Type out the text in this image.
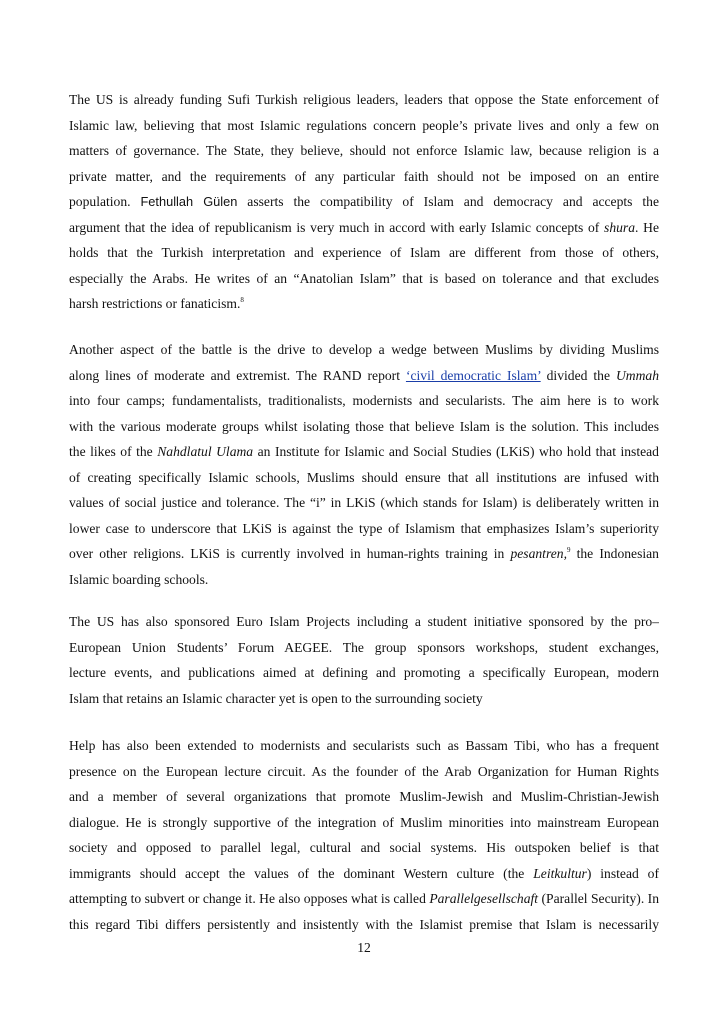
The US is already funding Sufi Turkish religious leaders, leaders that oppose the State enforcement of
Islamic law, believing that most Islamic regulations concern people’s private lives and only a few on
matters of governance. The State, they believe, should not enforce Islamic law, because religion is a
private matter, and the requirements of any particular faith should not be imposed on an entire
population. Fethullah Gülen asserts the compatibility of Islam and democracy and accepts the
argument that the idea of republicanism is very much in accord with early Islamic concepts of shura. He
holds that the Turkish interpretation and experience of Islam are different from those of others,
especially the Arabs. He writes of an “Anatolian Islam” that is based on tolerance and that excludes
harsh restrictions or fanaticism.$^8$
Another aspect of the battle is the drive to develop a wedge between Muslims by dividing Muslims
along lines of moderate and extremist. The RAND report ‘civil democratic Islam’ divided the Ummah
into four camps; fundamentalists, traditionalists, modernists and secularists. The aim here is to work
with the various moderate groups whilst isolating those that believe Islam is the solution. This includes
the likes of the Nahdlatul Ulama an Institute for Islamic and Social Studies (LKiS) who hold that instead
of creating specifically Islamic schools, Muslims should ensure that all institutions are infused with
values of social justice and tolerance. The “i” in LKiS (which stands for Islam) is deliberately written in
lower case to underscore that LKiS is against the type of Islamism that emphasizes Islam’s superiority
over other religions. LKiS is currently involved in human-rights training in pesantren,$^9$ the Indonesian
Islamic boarding schools.
The US has also sponsored Euro Islam Projects including a student initiative sponsored by the pro–
European Union Students’ Forum AEGEE. The group sponsors workshops, student exchanges,
lecture events, and publications aimed at defining and promoting a specifically European, modern
Islam that retains an Islamic character yet is open to the surrounding society
Help has also been extended to modernists and secularists such as Bassam Tibi, who has a frequent
presence on the European lecture circuit. As the founder of the Arab Organization for Human Rights
and a member of several organizations that promote Muslim-Jewish and Muslim-Christian-Jewish
dialogue. He is strongly supportive of the integration of Muslim minorities into mainstream European
society and opposed to parallel legal, cultural and social systems. His outspoken belief is that
immigrants should accept the values of the dominant Western culture (the Leitkultur) instead of
attempting to subvert or change it. He also opposes what is called Parallelgesellschaft (Parallel Security). In
this regard Tibi differs persistently and insistently with the Islamist premise that Islam is necessarily
12
